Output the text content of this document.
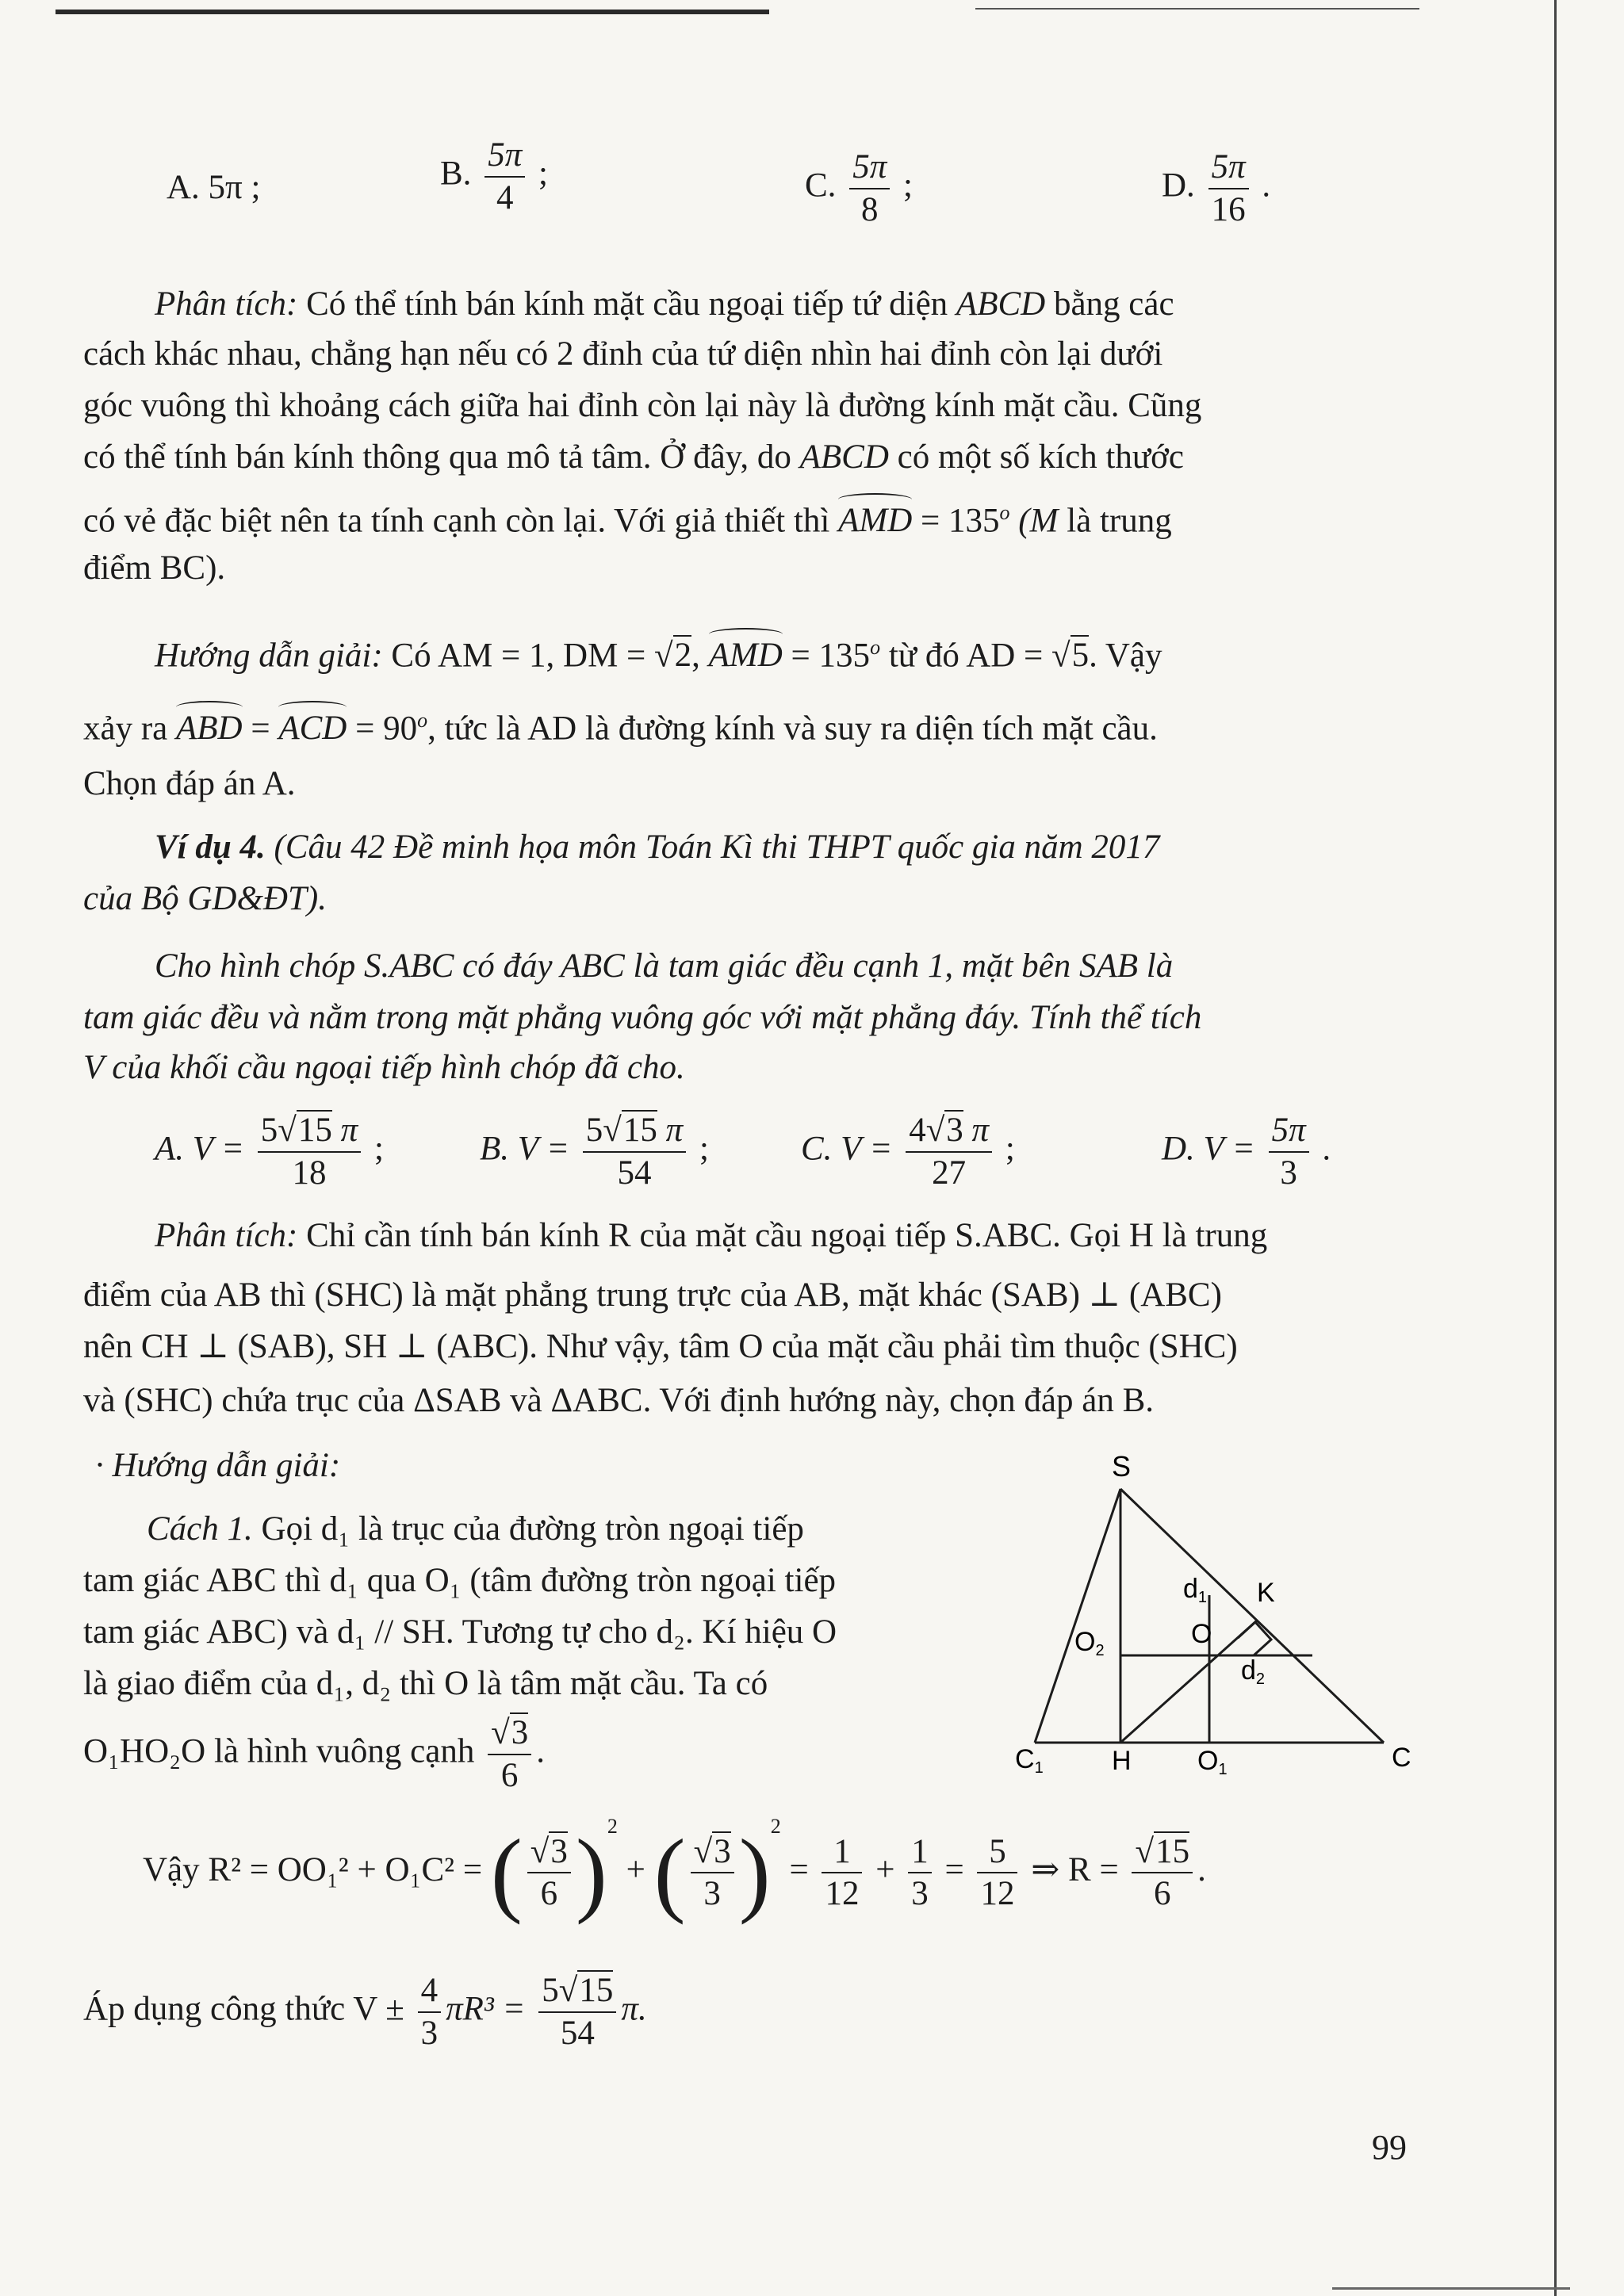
A. 5π ;	B. $\frac{5\pi}{4}$ ;	C. $\frac{5\pi}{8}$ ;	D. $\frac{5\pi}{16}$ .
Phân tích: Có thể tính bán kính mặt cầu ngoại tiếp tứ diện ABCD bằng các
cách khác nhau, chẳng hạn nếu có 2 đỉnh của tứ diện nhìn hai đỉnh còn lại dưới
góc vuông thì khoảng cách giữa hai đỉnh còn lại này là đường kính mặt cầu. Cũng
có thể tính bán kính thông qua mô tả tâm. Ở đây, do ABCD có một số kích thước
có vẻ đặc biệt nên ta tính cạnh còn lại. Với giả thiết thì AMD = $135^o$ (M là trung
điểm BC).
Hướng dẫn giải: Có AM = 1, DM = √2, AMD = $135^o$ từ đó AD = √5. Vậy
xảy ra ABD = ACD = $90^o$, tức là AD là đường kính và suy ra diện tích mặt cầu.
Chọn đáp án A.
Ví dụ 4. (Câu 42 Đề minh họa môn Toán Kì thi THPT quốc gia năm 2017
của Bộ GD&ĐT).
Cho hình chóp S.ABC có đáy ABC là tam giác đều cạnh 1, mặt bên SAB là
tam giác đều và nằm trong mặt phẳng vuông góc với mặt phẳng đáy. Tính thể tích
V của khối cầu ngoại tiếp hình chóp đã cho.
A. $V = \frac{5√15 \pi}{18}$ ;	B. $V = \frac{5√15 \pi}{54}$ ;	C. $V = \frac{4√3 \pi}{27}$ ;	D. $V = \frac{5\pi}{3}$ .
Phân tích: Chỉ cần tính bán kính R của mặt cầu ngoại tiếp S.ABC. Gọi H là trung
điểm của AB thì (SHC) là mặt phẳng trung trực của AB, mặt khác (SAB) ⊥ (ABC)
nên CH ⊥ (SAB), SH ⊥ (ABC). Như vậy, tâm O của mặt cầu phải tìm thuộc (SHC)
và (SHC) chứa trục của ΔSAB và ΔABC. Với định hướng này, chọn đáp án B.
· Hướng dẫn giải:
Cách 1. Gọi d₁ là trục của đường tròn ngoại tiếp
tam giác ABC thì d₁ qua O₁ (tâm đường tròn ngoại tiếp
tam giác ABC) và d₁ // SH. Tương tự cho d₂. Kí hiệu O
là giao điểm của d₁, d₂ thì O là tâm mặt cầu. Ta có
O₁HO₂O là hình vuông cạnh $\frac{√3}{6}$ .
S
K
d1
O
O2
d2
C1	H O1	C
Vậy R² = OO₁² + O₁C² = ( $\frac{√3}{6} )^2$ + ( $\frac{√3}{3} )^2 = \frac{1}{12} + \frac{1}{3} = \frac{5}{12}$ ⇒ $R = \frac{√15}{6}$ .
Áp dụng công thức $V \pm \frac{4}{3} \pi R^3 = \frac{5√15}{54} \pi$.
99
